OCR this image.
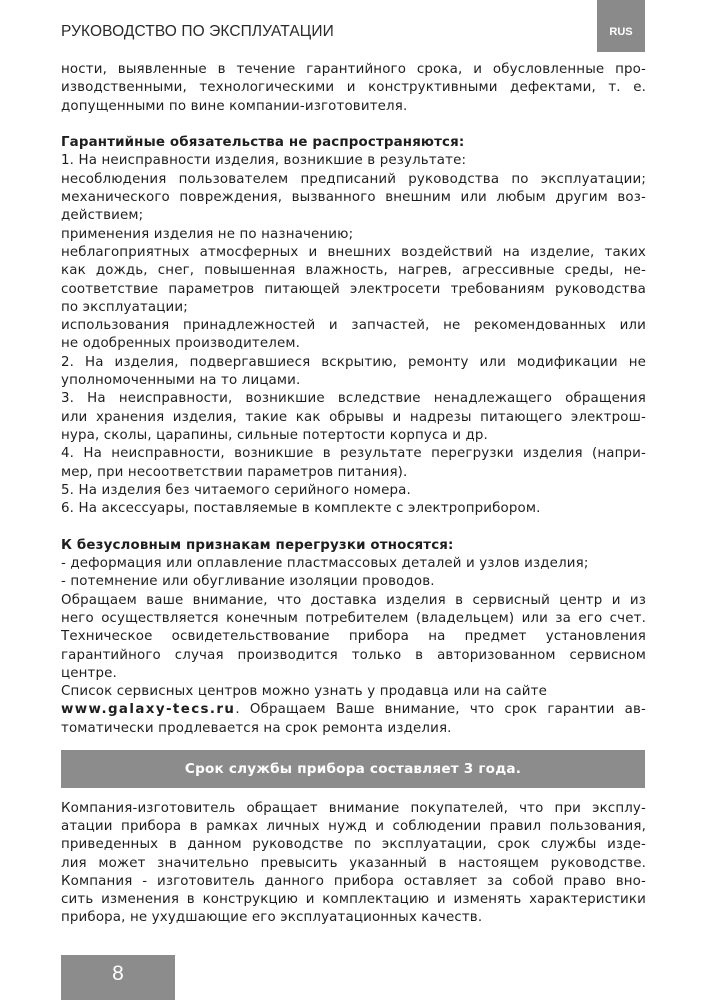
РУКОВОДСТВО ПО ЭКСПЛУАТАЦИИ	RUS
ности, выявленные в течение гарантийного срока, и обусловленные про-
изводственными, технологическими и конструктивными дефектами, т. е.
допущенными по вине компании-изготовителя.
Гарантийные обязательства не распространяются:
1. На неисправности изделия, возникшие в результате:
несоблюдения пользователем предписаний руководства по эксплуатации;
механического повреждения, вызванного внешним или любым другим воз-
действием;
применения изделия не по назначению;
неблагоприятных атмосферных и внешних воздействий на изделие, таких
как дождь, снег, повышенная влажность, нагрев, агрессивные среды, не-
соответствие параметров питающей электросети требованиям руководства
по эксплуатации;
использования принадлежностей и запчастей, не рекомендованных или
не одобренных производителем.
2. На изделия, подвергавшиеся вскрытию, ремонту или модификации не
уполномоченными на то лицами.
3. На неисправности, возникшие вследствие ненадлежащего обращения
или хранения изделия, такие как обрывы и надрезы питающего электрош-
нура, сколы, царапины, сильные потертости корпуса и др.
4. На неисправности, возникшие в результате перегрузки изделия (напри-
мер, при несоответствии параметров питания).
5. На изделия без читаемого серийного номера.
6. На аксессуары, поставляемые в комплекте с электроприбором.
К безусловным признакам перегрузки относятся:
- деформация или оплавление пластмассовых деталей и узлов изделия;
- потемнение или обугливание изоляции проводов.
Обращаем ваше внимание, что доставка изделия в сервисный центр и из
него осуществляется конечным потребителем (владельцем) или за его счет.
Техническое освидетельствование прибора на предмет установления
гарантийного случая производится только в авторизованном сервисном
центре.
Список сервисных центров можно узнать у продавца или на сайте
www.galaxy-tecs.ru. Обращаем Ваше внимание, что срок гарантии ав-
томатически продлевается на срок ремонта изделия.
Срок службы прибора составляет 3 года.
Компания-изготовитель обращает внимание покупателей, что при эксплу-
атации прибора в рамках личных нужд и соблюдении правил пользования,
приведенных в данном руководстве по эксплуатации, срок службы изде-
лия может значительно превысить указанный в настоящем руководстве.
Компания - изготовитель данного прибора оставляет за собой право вно-
сить изменения в конструкцию и комплектацию и изменять характеристики
прибора, не ухудшающие его эксплуатационных качеств.
8
